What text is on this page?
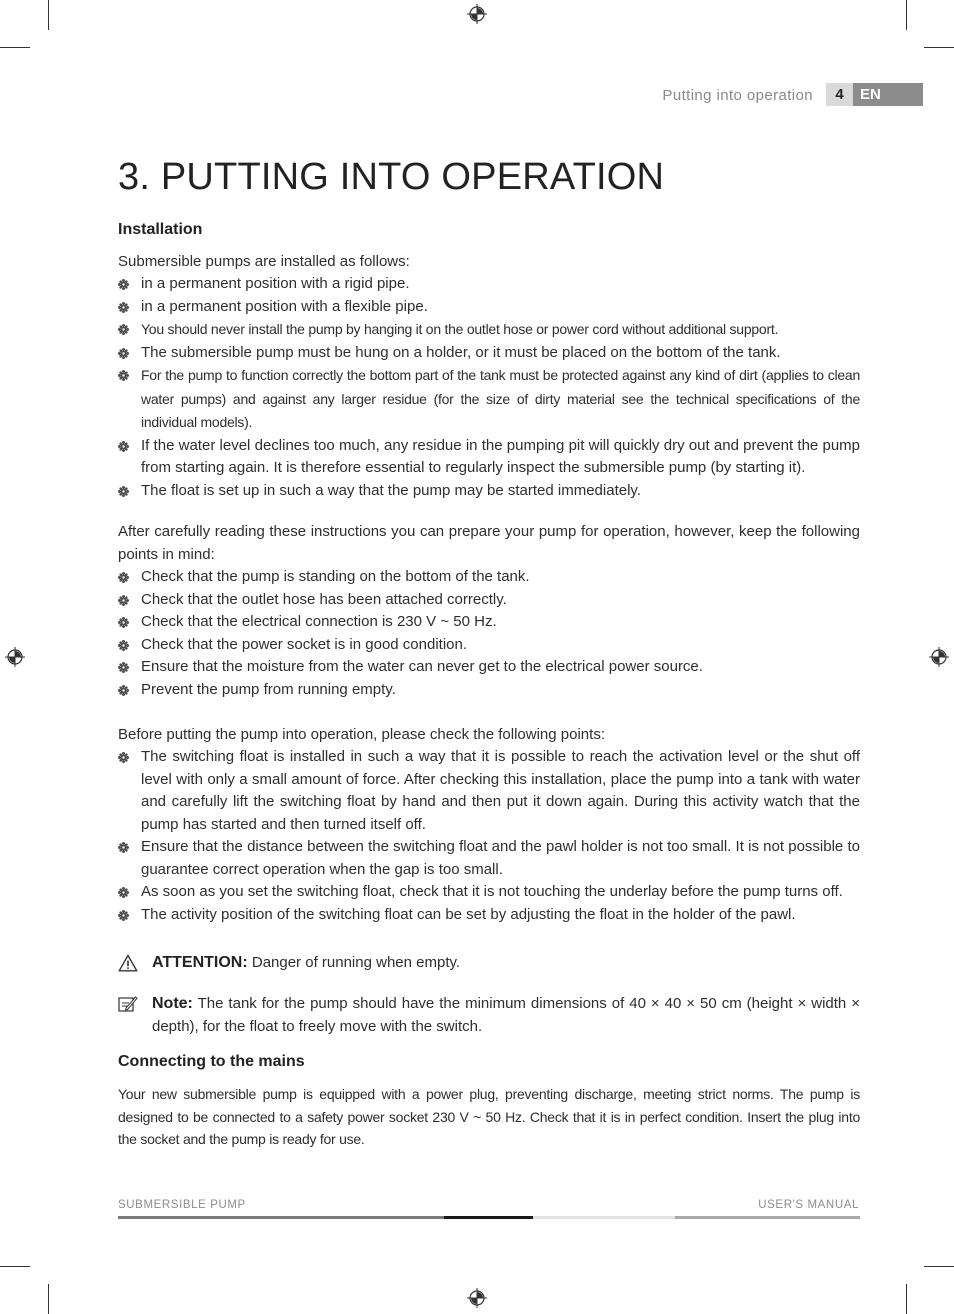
Putting into operation	4	EN
3. PUTTING INTO OPERATION
Installation

Submersible pumps are installed as follows:

in a permanent position with a rigid pipe.
in a permanent position with a flexible pipe.
You should never install the pump by hanging it on the outlet hose or power cord without additional support.
The submersible pump must be hung on a holder, or it must be placed on the bottom of the tank.
For the pump to function correctly the bottom part of the tank must be protected against any kind of dirt (applies to clean water pumps) and against any larger residue (for the size of dirty material see the technical specifications of the individual models).
If the water level declines too much, any residue in the pumping pit will quickly dry out and prevent the pump from starting again. It is therefore essential to regularly inspect the submersible pump (by starting it).
The float is set up in such a way that the pump may be started immediately.

After carefully reading these instructions you can prepare your pump for operation, however, keep the following points in mind:

Check that the pump is standing on the bottom of the tank.
Check that the outlet hose has been attached correctly.
Check that the electrical connection is 230 V ~ 50 Hz.
Check that the power socket is in good condition.
Ensure that the moisture from the water can never get to the electrical power source.
Prevent the pump from running empty.

Before putting the pump into operation, please check the following points:

The switching float is installed in such a way that it is possible to reach the activation level or the shut off level with only a small amount of force. After checking this installation, place the pump into a tank with water and carefully lift the switching float by hand and then put it down again. During this activity watch that the pump has started and then turned itself off.
Ensure that the distance between the switching float and the pawl holder is not too small. It is not possible to guarantee correct operation when the gap is too small.
As soon as you set the switching float, check that it is not touching the underlay before the pump turns off.
The activity position of the switching float can be set by adjusting the float in the holder of the pawl.
ATTENTION: Danger of running when empty.
Note: The tank for the pump should have the minimum dimensions of 40 × 40 × 50 cm (height × width × depth), for the float to freely move with the switch.
Connecting to the mains

Your new submersible pump is equipped with a power plug, preventing discharge, meeting strict norms. The pump is designed to be connected to a safety power socket 230 V ~ 50 Hz. Check that it is in perfect condition. Insert the plug into the socket and the pump is ready for use.

SUBMERSIBLE PUMP	USER'S MANUAL
